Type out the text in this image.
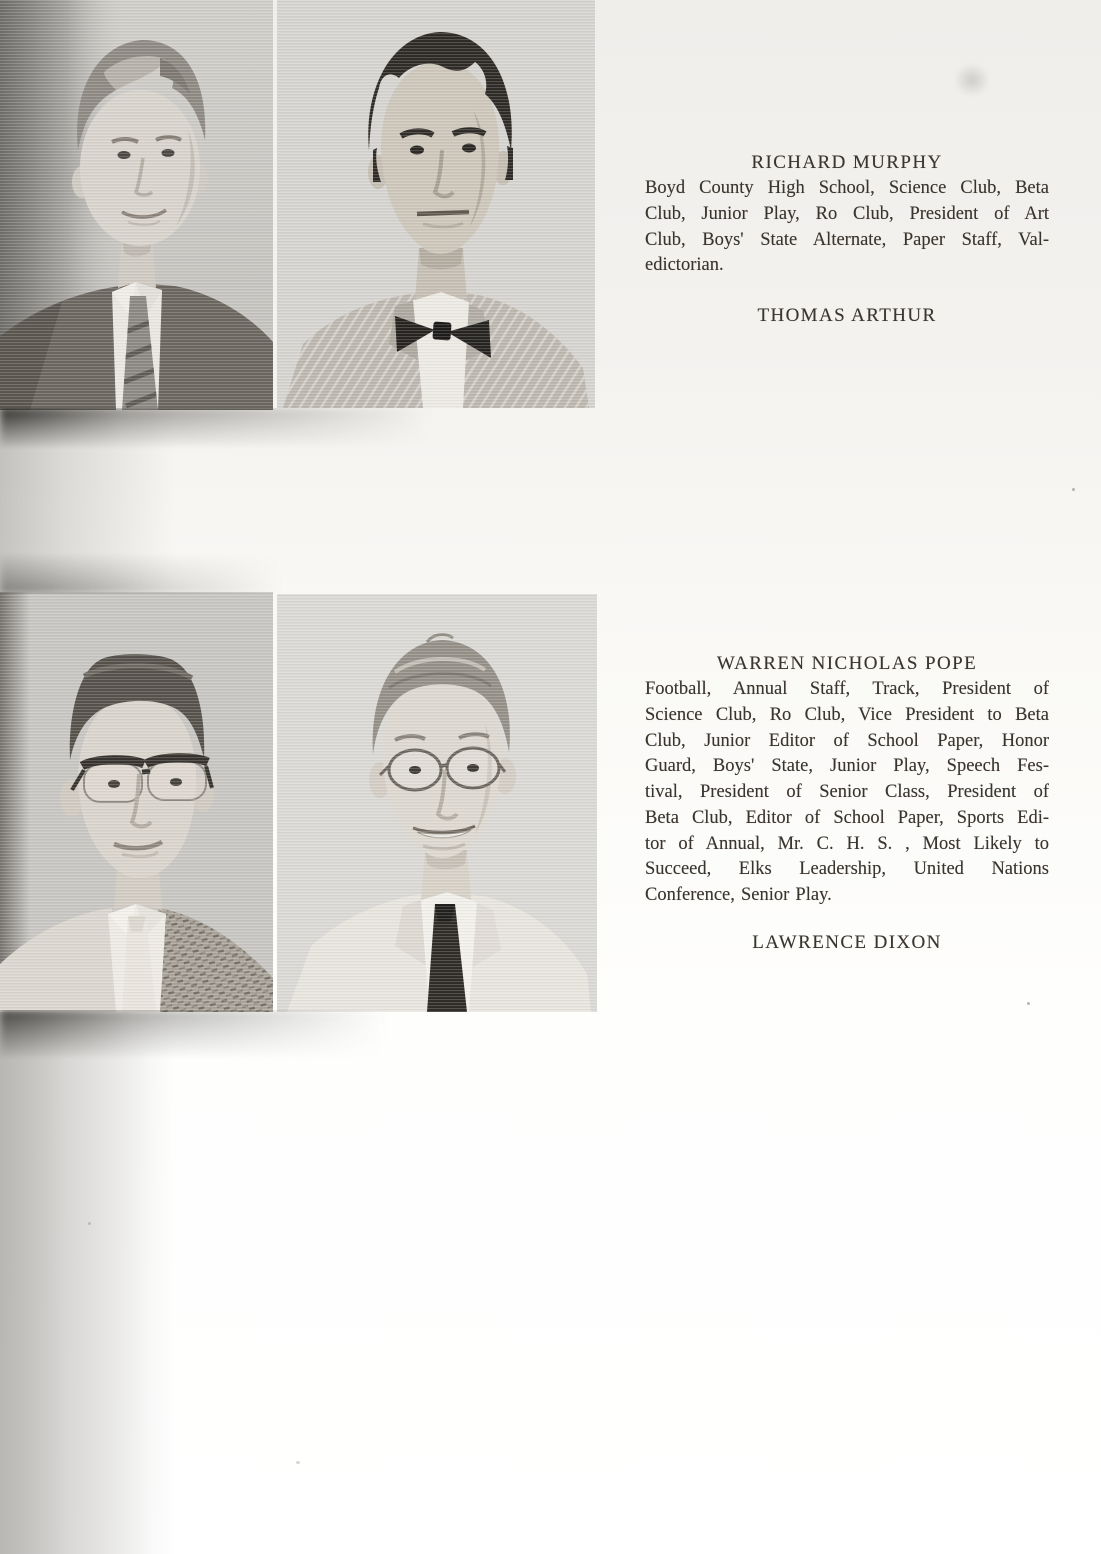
RICHARD MURPHY
Boyd County High School, Science Club, Beta
Club, Junior Play, Ro Club, President of Art
Club, Boys' State Alternate, Paper Staff, Val-
edictorian.
THOMAS ARTHUR
WARREN NICHOLAS POPE
Football, Annual Staff, Track, President of
Science Club, Ro Club, Vice President to Beta
Club, Junior Editor of School Paper, Honor
Guard, Boys' State, Junior Play, Speech Fes-
tival, President of Senior Class, President of
Beta Club, Editor of School Paper, Sports Edi-
tor of Annual, Mr. C. H. S. , Most Likely to
Succeed, Elks Leadership, United Nations
Conference, Senior Play.
LAWRENCE DIXON
